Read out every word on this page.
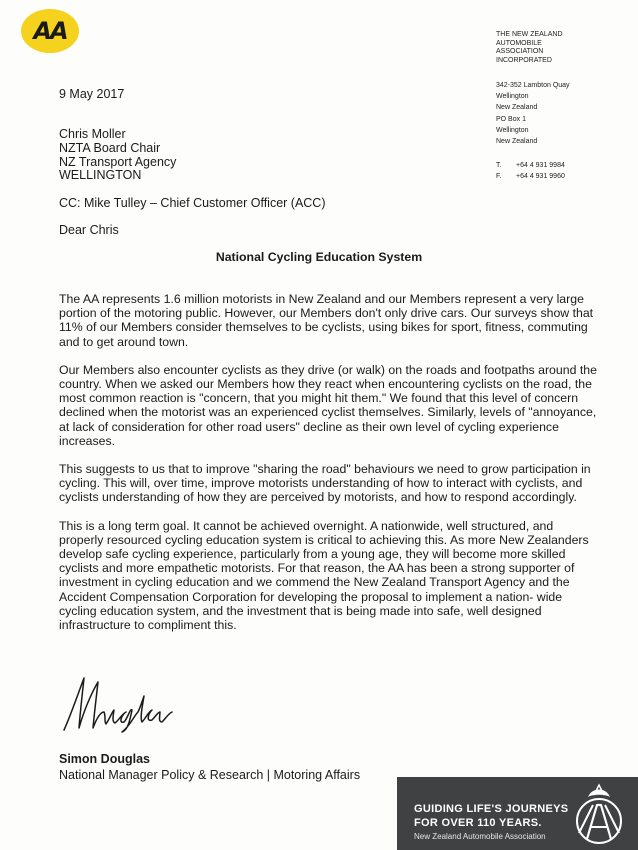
AA	THE NEW ZEALAND
AUTOMOBILE
ASSOCIATION
INCORPORATED
342-352 Lambton Quay
Wellington
New Zealand
PO Box 1
Wellington
New Zealand
T. +64 4 931 9984
F. +64 4 931 9960
9 May 2017
Chris Moller
NZTA Board Chair
NZ Transport Agency
WELLINGTON
CC: Mike Tulley – Chief Customer Officer (ACC)
Dear Chris
National Cycling Education System

The AA represents 1.6 million motorists in New Zealand and our Members represent a very large portion of the motoring public. However, our Members don't only drive cars. Our surveys show that 11% of our Members consider themselves to be cyclists, using bikes for sport, fitness, commuting and to get around town.

Our Members also encounter cyclists as they drive (or walk) on the roads and footpaths around the country. When we asked our Members how they react when encountering cyclists on the road, the most common reaction is "concern, that you might hit them." We found that this level of concern declined when the motorist was an experienced cyclist themselves. Similarly, levels of "annoyance, at lack of consideration for other road users" decline as their own level of cycling experience increases.

This suggests to us that to improve "sharing the road" behaviours we need to grow participation in cycling. This will, over time, improve motorists understanding of how to interact with cyclists, and cyclists understanding of how they are perceived by motorists, and how to respond accordingly.

This is a long term goal. It cannot be achieved overnight. A nationwide, well structured, and properly resourced cycling education system is critical to achieving this. As more New Zealanders develop safe cycling experience, particularly from a young age, they will become more skilled cyclists and more empathetic motorists. For that reason, the AA has been a strong supporter of investment in cycling education and we commend the New Zealand Transport Agency and the Accident Compensation Corporation for developing the proposal to implement a nation- wide cycling education system, and the investment that is being made into safe, well designed infrastructure to compliment this.

Simon Douglas
National Manager Policy & Research | Motoring Affairs
GUIDING LIFE'S JOURNEYS
FOR OVER 110 YEARS.
New Zealand Automobile Association
